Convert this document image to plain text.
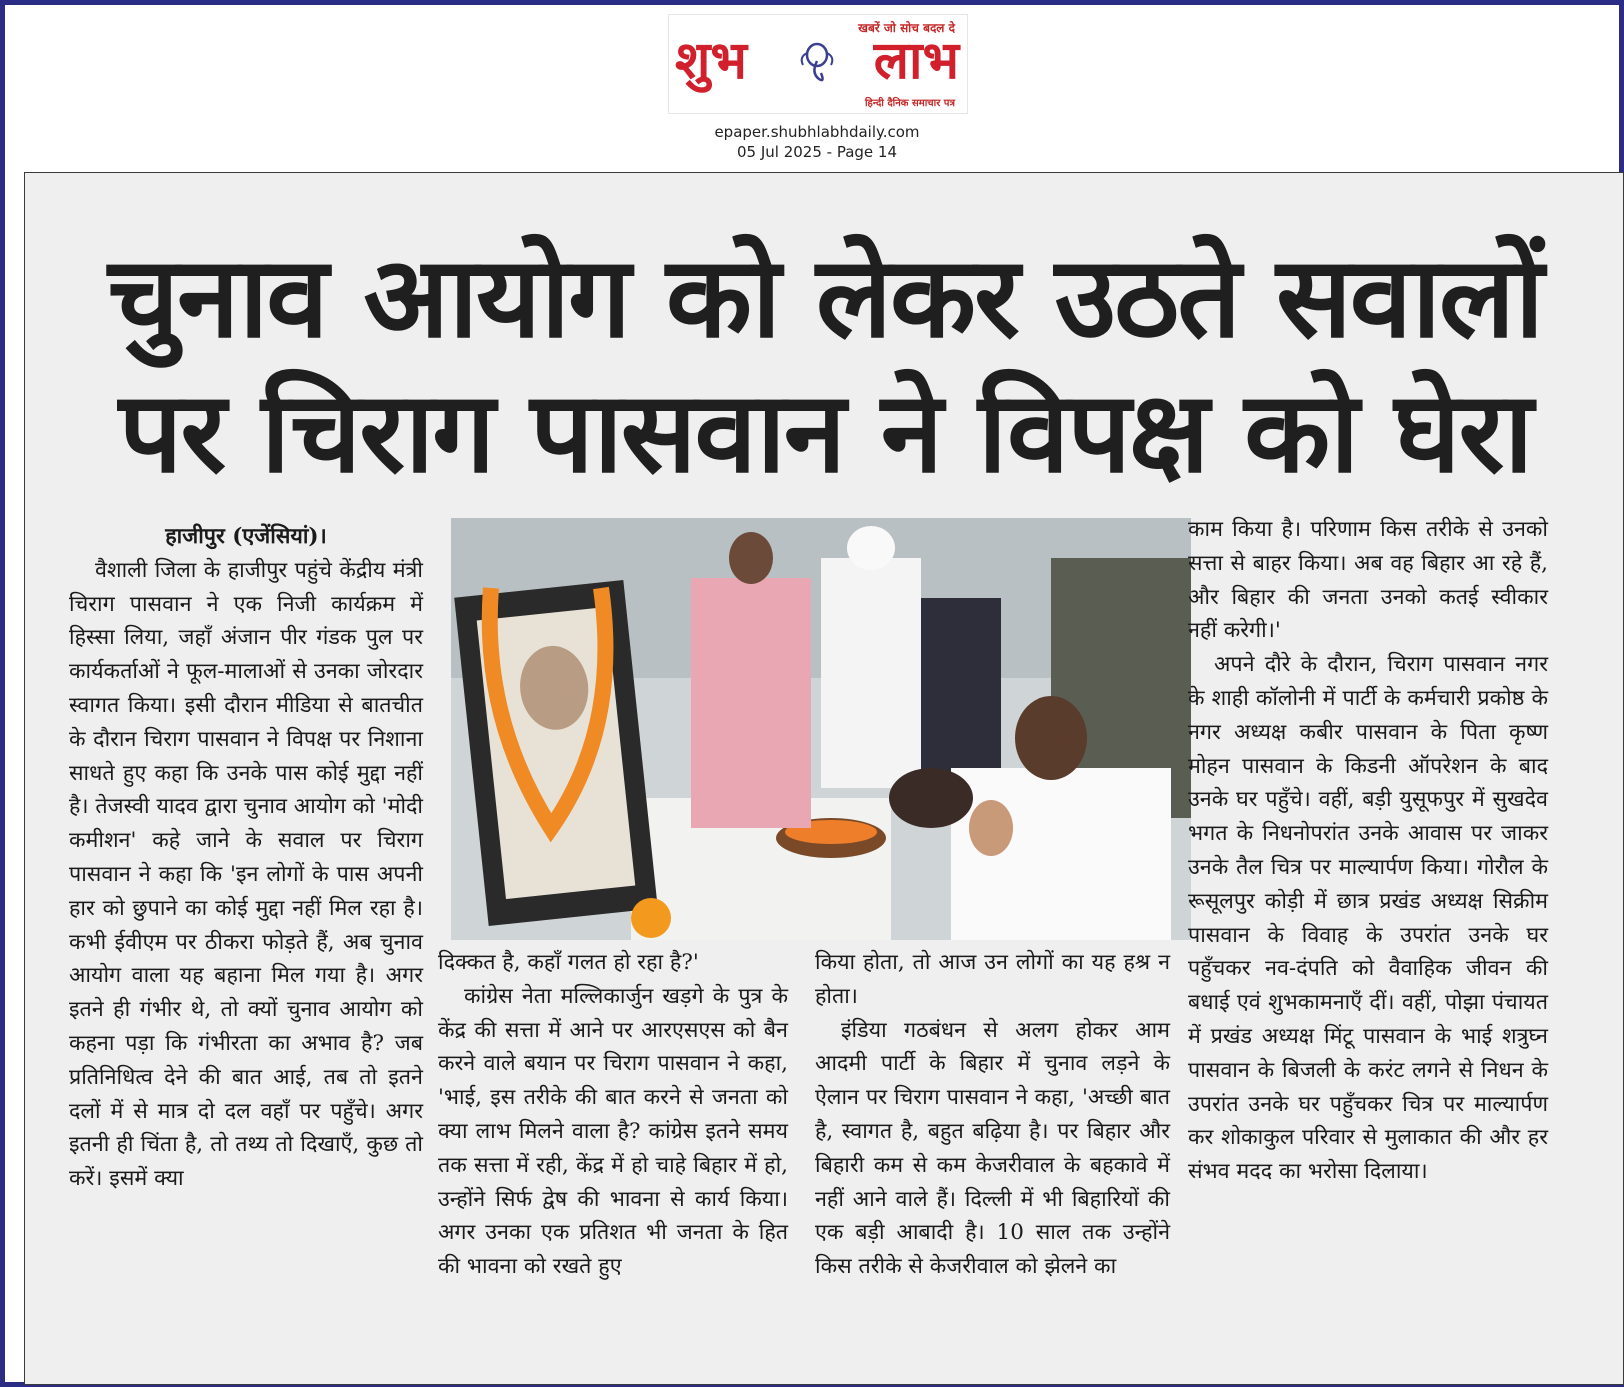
खबरें जो सोच बदल दे
शुभ लाभ
हिन्दी दैनिक समाचार पत्र
epaper.shubhlabhdaily.com
05 Jul 2025 - Page 14
चुनाव आयोग को लेकर उठते सवालों
पर चिराग पासवान ने विपक्ष को घेरा
हाजीपुर (एजेंसियां)।

वैशाली जिला के हाजीपुर पहुंचे केंद्रीय मंत्री चिराग पासवान ने एक निजी कार्यक्रम में हिस्सा लिया, जहाँ अंजान पीर गंडक पुल पर कार्यकर्ताओं ने फूल-मालाओं से उनका जोरदार स्वागत किया। इसी दौरान मीडिया से बातचीत के दौरान चिराग पासवान ने विपक्ष पर निशाना साधते हुए कहा कि उनके पास कोई मुद्दा नहीं है। तेजस्वी यादव द्वारा चुनाव आयोग को 'मोदी कमीशन' कहे जाने के सवाल पर चिराग पासवान ने कहा कि 'इन लोगों के पास अपनी हार को छुपाने का कोई मुद्दा नहीं मिल रहा है। कभी ईवीएम पर ठीकरा फोड़ते हैं, अब चुनाव आयोग वाला यह बहाना मिल गया है। अगर इतने ही गंभीर थे, तो क्यों चुनाव आयोग को कहना पड़ा कि गंभीरता का अभाव है? जब प्रतिनिधित्व देने की बात आई, तब तो इतने दलों में से मात्र दो दल वहाँ पर पहुँचे। अगर इतनी ही चिंता है, तो तथ्य तो दिखाएँ, कुछ तो करें। इसमें क्या

दिक्कत है, कहाँ गलत हो रहा है?'

कांग्रेस नेता मल्लिकार्जुन खड़गे के पुत्र के केंद्र की सत्ता में आने पर आरएसएस को बैन करने वाले बयान पर चिराग पासवान ने कहा, 'भाई, इस तरीके की बात करने से जनता को क्या लाभ मिलने वाला है? कांग्रेस इतने समय तक सत्ता में रही, केंद्र में हो चाहे बिहार में हो, उन्होंने सिर्फ द्वेष की भावना से कार्य किया। अगर उनका एक प्रतिशत भी जनता के हित की भावना को रखते हुए

किया होता, तो आज उन लोगों का यह हश्र न होता।

इंडिया गठबंधन से अलग होकर आम आदमी पार्टी के बिहार में चुनाव लड़ने के ऐलान पर चिराग पासवान ने कहा, 'अच्छी बात है, स्वागत है, बहुत बढ़िया है। पर बिहार और बिहारी कम से कम केजरीवाल के बहकावे में नहीं आने वाले हैं। दिल्ली में भी बिहारियों की एक बड़ी आबादी है। 10 साल तक उन्होंने किस तरीके से केजरीवाल को झेलने का

काम किया है। परिणाम किस तरीके से उनको सत्ता से बाहर किया। अब वह बिहार आ रहे हैं, और बिहार की जनता उनको कतई स्वीकार नहीं करेगी।'

अपने दौरे के दौरान, चिराग पासवान नगर के शाही कॉलोनी में पार्टी के कर्मचारी प्रकोष्ठ के नगर अध्यक्ष कबीर पासवान के पिता कृष्ण मोहन पासवान के किडनी ऑपरेशन के बाद उनके घर पहुँचे। वहीं, बड़ी युसूफपुर में सुखदेव भगत के निधनोपरांत उनके आवास पर जाकर उनके तैल चित्र पर माल्यार्पण किया। गोरौल के रूसूलपुर कोड़ी में छात्र प्रखंड अध्यक्ष सिक्रीम पासवान के विवाह के उपरांत उनके घर पहुँचकर नव-दंपति को वैवाहिक जीवन की बधाई एवं शुभकामनाएँ दीं। वहीं, पोझा पंचायत में प्रखंड अध्यक्ष मिंटू पासवान के भाई शत्रुघ्न पासवान के बिजली के करंट लगने से निधन के उपरांत उनके घर पहुँचकर चित्र पर माल्यार्पण कर शोकाकुल परिवार से मुलाकात की और हर संभव मदद का भरोसा दिलाया।
